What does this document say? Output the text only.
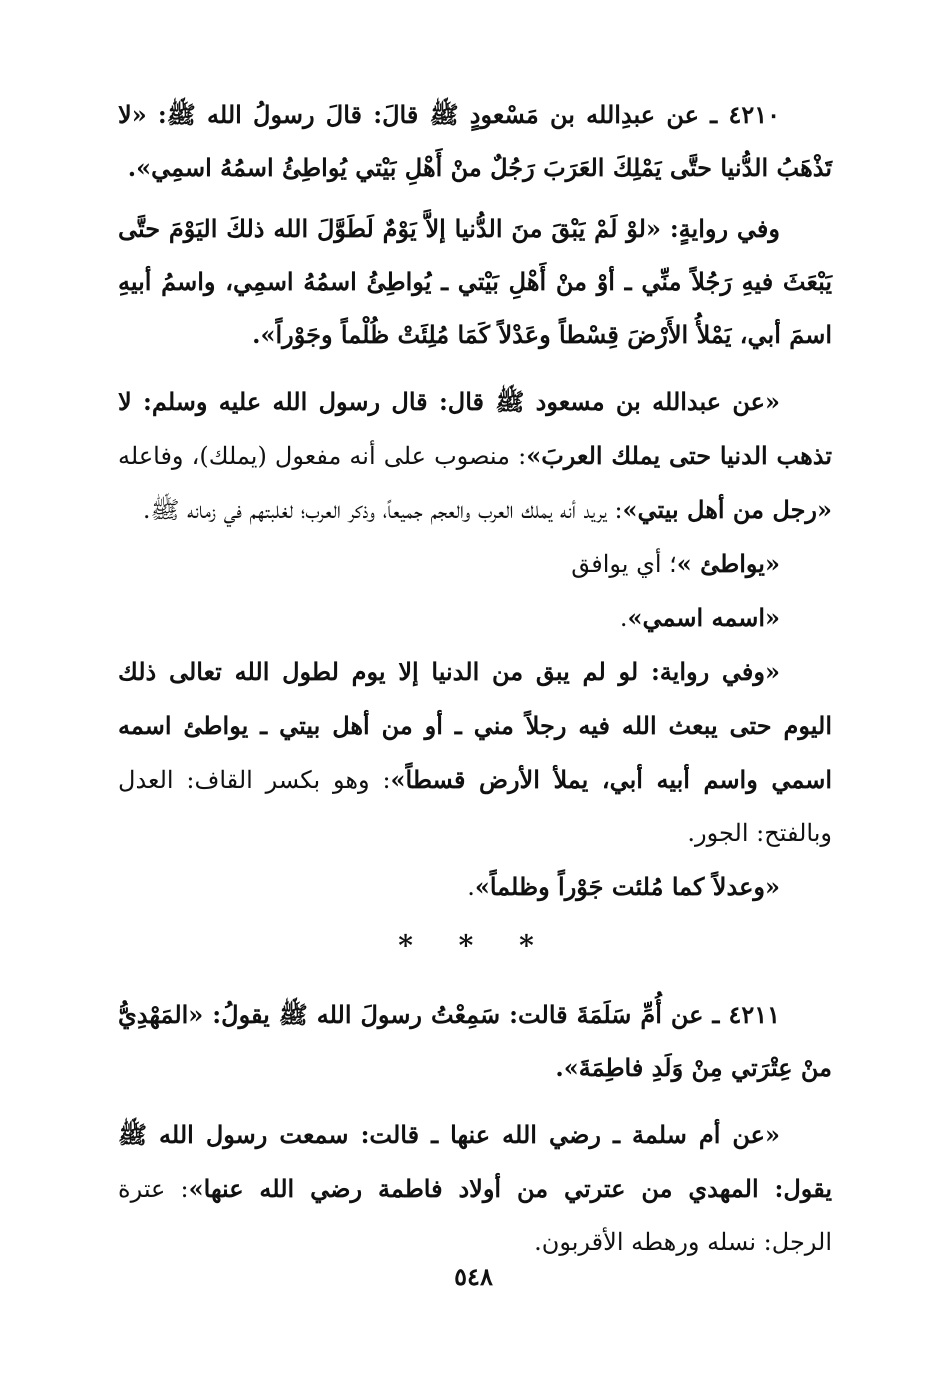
٤٢١٠ ـ عن عبدِالله بن مَسْعودٍ ﷺ قالَ: قالَ رسولُ الله ﷺ: «لا تَذْهَبُ الدُّنيا حتَّى يَمْلِكَ العَرَبَ رَجُلٌ منْ أَهْلِ بَيْتي يُواطِئُ اسمُهُ اسمِي».

وفي روايةٍ: «لوْ لَمْ يَبْقَ منَ الدُّنيا إلاَّ يَوْمٌ لَطَوَّلَ الله ذلكَ اليَوْمَ حتَّى يَبْعَثَ فيهِ رَجُلاً منِّي ـ أوْ منْ أَهْلِ بَيْتي ـ يُواطِئُ اسمُهُ اسمِي، واسمُ أبيهِ اسمَ أبي، يَمْلأُ الأَرْضَ قِسْطاً وعَدْلاً كَمَا مُلِئَتْ ظُلْماً وجَوْراً».

«عن عبدالله بن مسعود ﷺ قال: قال رسول الله عليه وسلم: لا تذهب الدنيا حتى يملك العربَ»: منصوب على أنه مفعول (يملك)، وفاعله «رجل من أهل بيتي»: يريد أنه يملك العرب والعجم جميعاً، وذكر العرب؛ لغلبتهم في زمانه ﷺ.

«يواطئ »؛ أي يوافق

«اسمه اسمي».

«وفي رواية: لو لم يبق من الدنيا إلا يوم لطول الله تعالى ذلك اليوم حتى يبعث الله فيه رجلاً مني ـ أو من أهل بيتي ـ يواطئ اسمه اسمي واسم أبيه أبي، يملأ الأرض قسطاً»: وهو بكسر القاف: العدل وبالفتح: الجور.

«وعدلاً كما مُلئت جَوْراً وظلماً».

* * *

٤٢١١ ـ عن أُمِّ سَلَمَةَ قالت: سَمِعْتُ رسولَ الله ﷺ يقولُ: «المَهْدِيُّ منْ عِتْرَتي مِنْ وَلَدِ فاطِمَةَ».

«عن أم سلمة ـ رضي الله عنها ـ قالت: سمعت رسول الله ﷺ يقول: المهدي من عترتي من أولاد فاطمة رضي الله عنها»: عترة الرجل: نسله ورهطه الأقربون.

٥٤٨
